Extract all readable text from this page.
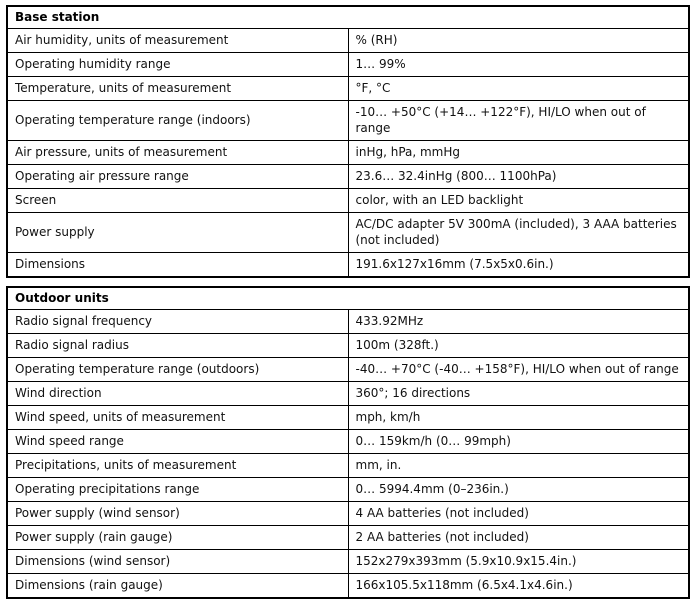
Base station	
Air humidity, units of measurement	% (RH)
Operating humidity range	1… 99%
Temperature, units of measurement	°F, °C
Operating temperature range (indoors)	-10… +50°C (+14… +122°F), HI/LO when out of range
Air pressure, units of measurement	inHg, hPa, mmHg
Operating air pressure range	23.6… 32.4inHg (800… 1100hPa)
Screen	color, with an LED backlight
Power supply	AC/DC adapter 5V 300mA (included), 3 AAA batteries (not included)
Dimensions	191.6x127x16mm (7.5x5x0.6in.)
Outdoor units	
Radio signal frequency	433.92MHz
Radio signal radius	100m (328ft.)
Operating temperature range (outdoors)	-40… +70°C (-40… +158°F), HI/LO when out of range
Wind direction	360°; 16 directions
Wind speed, units of measurement	mph, km/h
Wind speed range	0… 159km/h (0… 99mph)
Precipitations, units of measurement	mm, in.
Operating precipitations range	0… 5994.4mm (0–236in.)
Power supply (wind sensor)	4 AA batteries (not included)
Power supply (rain gauge)	2 AA batteries (not included)
Dimensions (wind sensor)	152x279x393mm (5.9x10.9x15.4in.)
Dimensions (rain gauge)	166x105.5x118mm (6.5x4.1x4.6in.)
